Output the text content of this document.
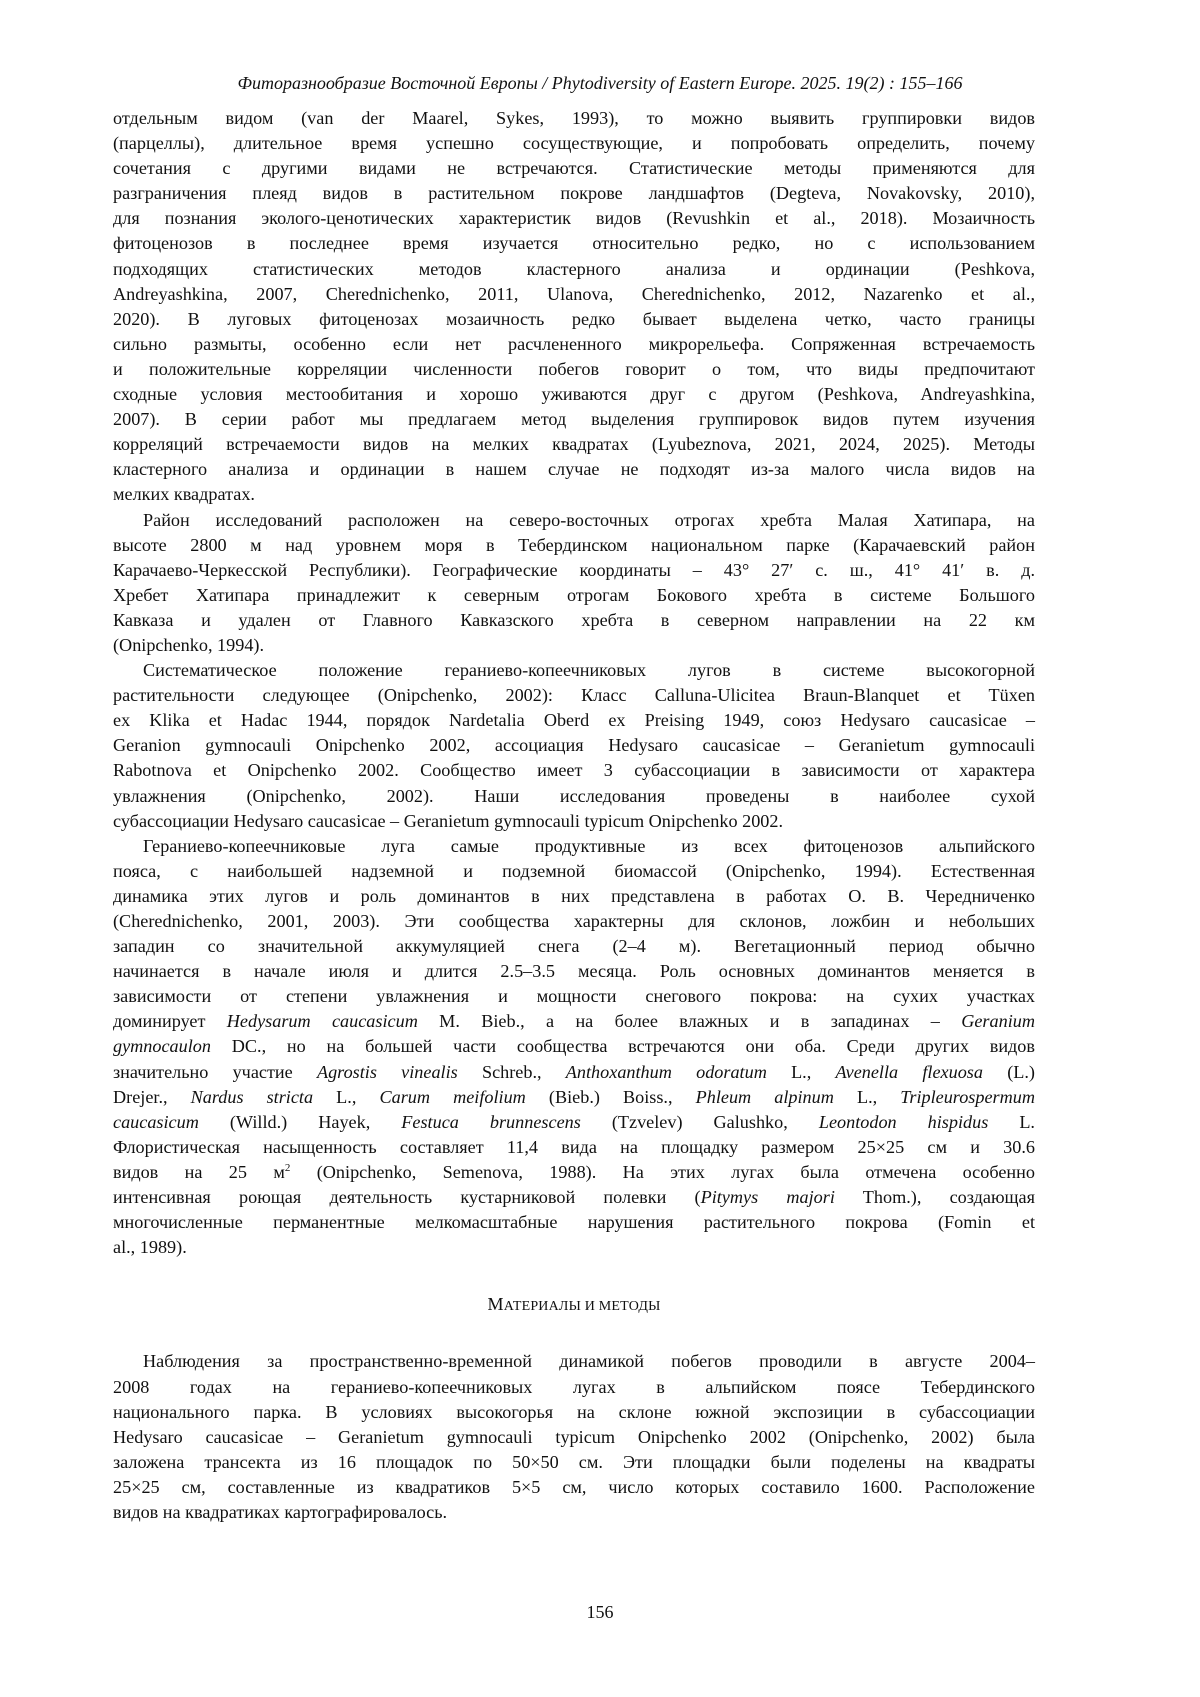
Фиторазнообразие Восточной Европы / Phytodiversity of Eastern Europe. 2025. 19(2) : 155–166

отдельным видом (van der Maarel, Sykes, 1993), то можно выявить группировки видов
(парцеллы), длительное время успешно сосуществующие, и попробовать определить, почему
сочетания с другими видами не встречаются. Статистические методы применяются для
разграничения плеяд видов в растительном покрове ландшафтов (Degteva, Novakovsky, 2010),
для познания эколого-ценотических характеристик видов (Revushkin et al., 2018). Мозаичность
фитоценозов в последнее время изучается относительно редко, но с использованием
подходящих статистических методов кластерного анализа и ординации (Peshkova,
Andreyashkina, 2007, Cherednichenko, 2011, Ulanova, Cherednichenko, 2012, Nazarenko et al.,
2020). В луговых фитоценозах мозаичность редко бывает выделена четко, часто границы
сильно размыты, особенно если нет расчлененного микрорельефа. Сопряженная встречаемость
и положительные корреляции численности побегов говорит о том, что виды предпочитают
сходные условия местообитания и хорошо уживаются друг с другом (Peshkova, Andreyashkina,
2007). В серии работ мы предлагаем метод выделения группировок видов путем изучения
корреляций встречаемости видов на мелких квадратах (Lyubeznova, 2021, 2024, 2025). Методы
кластерного анализа и ординации в нашем случае не подходят из-за малого числа видов на
мелких квадратах.

Район исследований расположен на северо-восточных отрогах хребта Малая Хатипара, на
высоте 2800 м над уровнем моря в Тебердинском национальном парке (Карачаевский район
Карачаево-Черкесской Республики). Географические координаты – 43° 27′ с. ш., 41° 41′ в. д.
Хребет Хатипара принадлежит к северным отрогам Бокового хребта в системе Большого
Кавказа и удален от Главного Кавказского хребта в северном направлении на 22 км
(Onipchenko, 1994).

Систематическое положение гераниево-копеечниковых лугов в системе высокогорной
растительности следующее (Onipchenko, 2002): Класс Calluna-Ulicitea Braun-Blanquet et Tüxen
ex Klika et Hadac 1944, порядок Nardetalia Oberd ex Preising 1949, союз Hedysaro caucasicae –
Geranion gymnocauli Onipchenko 2002, ассоциация Hedysaro caucasicae – Geranietum gymnocauli
Rabotnova et Onipchenko 2002. Сообщество имеет 3 субассоциации в зависимости от характера
увлажнения (Onipchenko, 2002). Наши исследования проведены в наиболее сухой
субассоциации Hedysaro caucasicae – Geranietum gymnocauli typicum Onipchenko 2002.

Гераниево-копеечниковые луга самые продуктивные из всех фитоценозов альпийского
пояса, с наибольшей надземной и подземной биомассой (Onipchenko, 1994). Естественная
динамика этих лугов и роль доминантов в них представлена в работах О. В. Чередниченко
(Cherednichenko, 2001, 2003). Эти сообщества характерны для склонов, ложбин и небольших
западин со значительной аккумуляцией снега (2–4 м). Вегетационный период обычно
начинается в начале июля и длится 2.5–3.5 месяца. Роль основных доминантов меняется в
зависимости от степени увлажнения и мощности снегового покрова: на сухих участках
доминирует Hedysarum caucasicum M. Bieb., а на более влажных и в западинах – Geranium
gymnocaulon DC., но на большей части сообщества встречаются они оба. Среди других видов
значительно участие Agrostis vinealis Schreb., Anthoxanthum odoratum L., Avenella flexuosa (L.)
Drejer., Nardus stricta L., Carum meifolium (Bieb.) Boiss., Phleum alpinum L., Tripleurospermum
caucasicum (Willd.) Hayek, Festuca brunnescens (Tzvelev) Galushko, Leontodon hispidus L.
Флористическая насыщенность составляет 11,4 вида на площадку размером 25×25 см и 30.6
видов на 25 м2 (Onipchenko, Semenova, 1988). На этих лугах была отмечена особенно
интенсивная роющая деятельность кустарниковой полевки (Pitymys majori Thom.), создающая
многочисленные перманентные мелкомасштабные нарушения растительного покрова (Fomin et
al., 1989).

МАТЕРИАЛЫ И МЕТОДЫ

Наблюдения за пространственно-временной динамикой побегов проводили в августе 2004–
2008 годах на гераниево-копеечниковых лугах в альпийском поясе Тебердинского
национального парка. В условиях высокогорья на склоне южной экспозиции в субассоциации
Hedysaro caucasicae – Geranietum gymnocauli typicum Onipchenko 2002 (Onipchenko, 2002) была
заложена трансекта из 16 площадок по 50×50 см. Эти площадки были поделены на квадраты
25×25 см, составленные из квадратиков 5×5 см, число которых составило 1600. Расположение
видов на квадратиках картографировалось.

156
